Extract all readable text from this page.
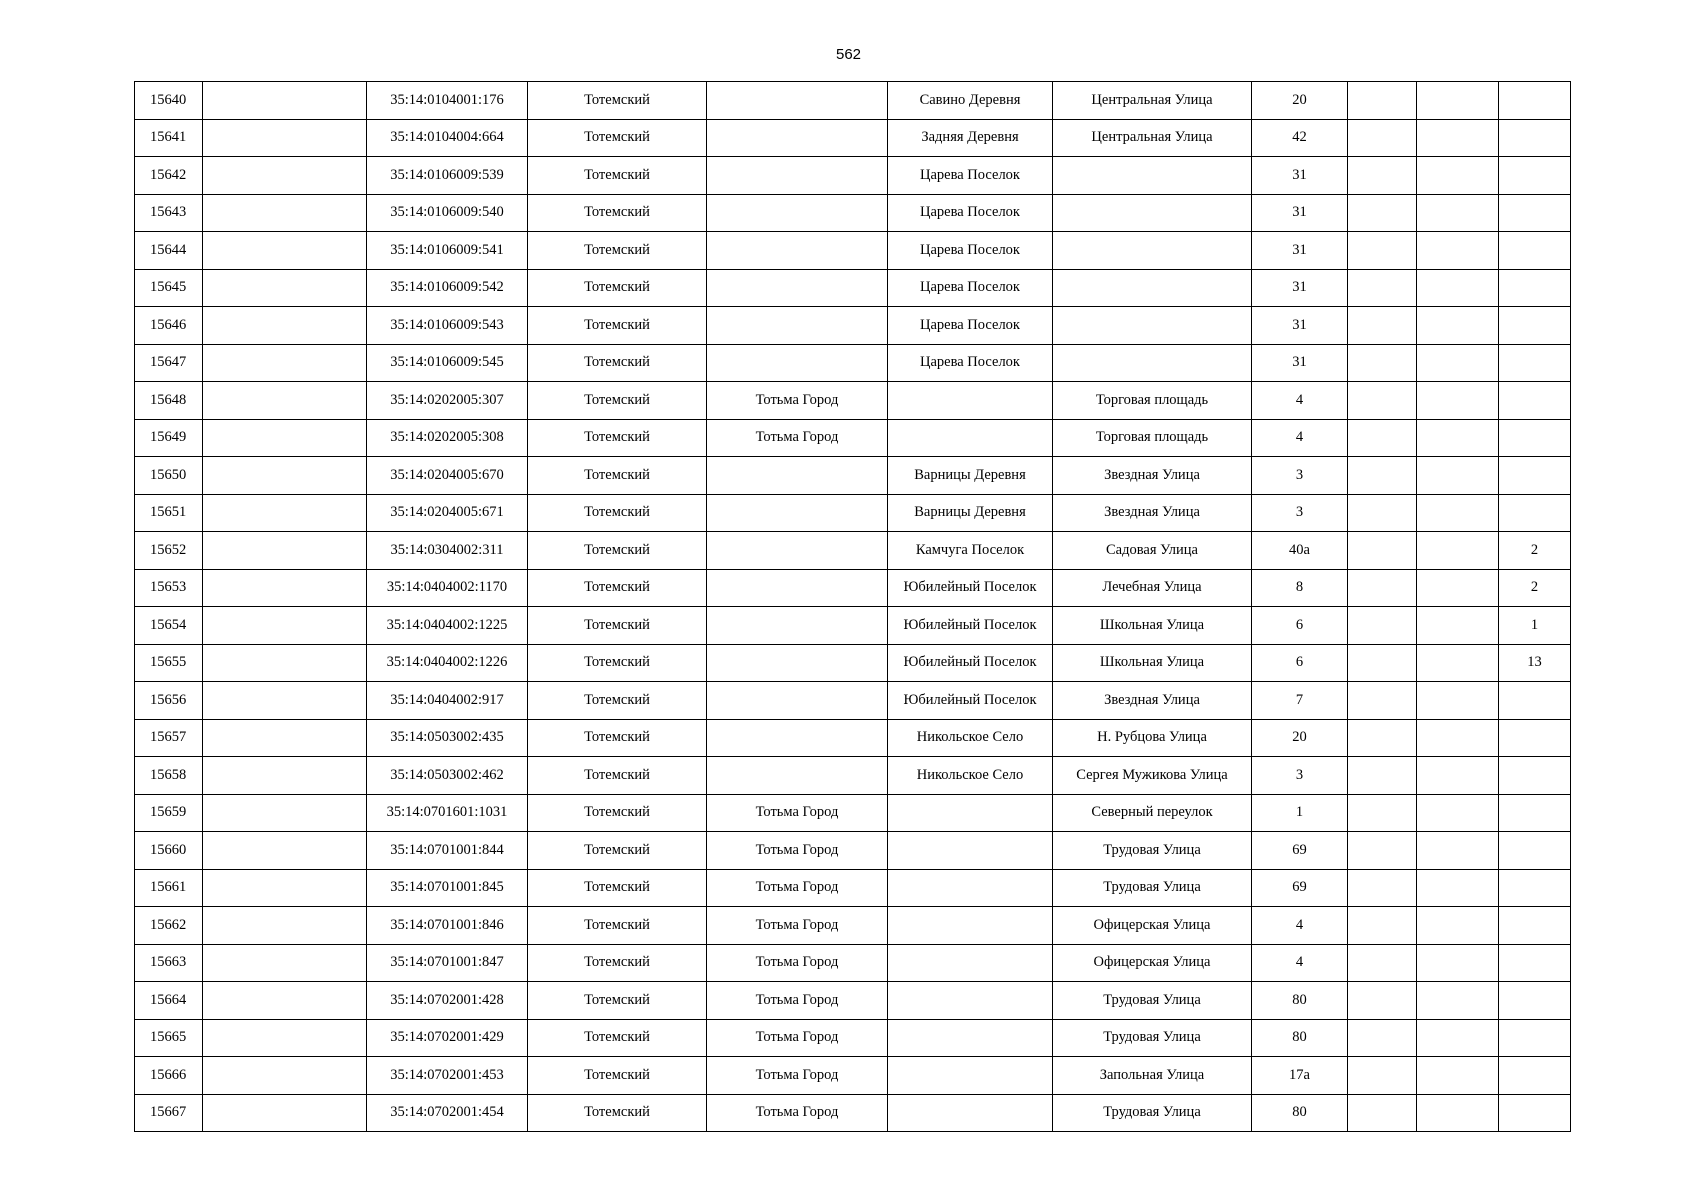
562
15640		35:14:0104001:176	Тотемский		Савино Деревня	Центральная Улица	20			
15641		35:14:0104004:664	Тотемский		Задняя Деревня	Центральная Улица	42			
15642		35:14:0106009:539	Тотемский		Царева Поселок		31			
15643		35:14:0106009:540	Тотемский		Царева Поселок		31			
15644		35:14:0106009:541	Тотемский		Царева Поселок		31			
15645		35:14:0106009:542	Тотемский		Царева Поселок		31			
15646		35:14:0106009:543	Тотемский		Царева Поселок		31			
15647		35:14:0106009:545	Тотемский		Царева Поселок		31			
15648		35:14:0202005:307	Тотемский	Тотьма Город		Торговая площадь	4			
15649		35:14:0202005:308	Тотемский	Тотьма Город		Торговая площадь	4			
15650		35:14:0204005:670	Тотемский		Варницы Деревня	Звездная Улица	3			
15651		35:14:0204005:671	Тотемский		Варницы Деревня	Звездная Улица	3			
15652		35:14:0304002:311	Тотемский		Камчуга Поселок	Садовая Улица	40а			2
15653		35:14:0404002:1170	Тотемский		Юбилейный Поселок	Лечебная Улица	8			2
15654		35:14:0404002:1225	Тотемский		Юбилейный Поселок	Школьная Улица	6			1
15655		35:14:0404002:1226	Тотемский		Юбилейный Поселок	Школьная Улица	6			13
15656		35:14:0404002:917	Тотемский		Юбилейный Поселок	Звездная Улица	7			
15657		35:14:0503002:435	Тотемский		Никольское Село	Н. Рубцова Улица	20			
15658		35:14:0503002:462	Тотемский		Никольское Село	Сергея Мужикова Улица	3			
15659		35:14:0701601:1031	Тотемский	Тотьма Город		Северный переулок	1			
15660		35:14:0701001:844	Тотемский	Тотьма Город		Трудовая Улица	69			
15661		35:14:0701001:845	Тотемский	Тотьма Город		Трудовая Улица	69			
15662		35:14:0701001:846	Тотемский	Тотьма Город		Офицерская Улица	4			
15663		35:14:0701001:847	Тотемский	Тотьма Город		Офицерская Улица	4			
15664		35:14:0702001:428	Тотемский	Тотьма Город		Трудовая Улица	80			
15665		35:14:0702001:429	Тотемский	Тотьма Город		Трудовая Улица	80			
15666		35:14:0702001:453	Тотемский	Тотьма Город		Запольная Улица	17а			
15667		35:14:0702001:454	Тотемский	Тотьма Город		Трудовая Улица	80			
